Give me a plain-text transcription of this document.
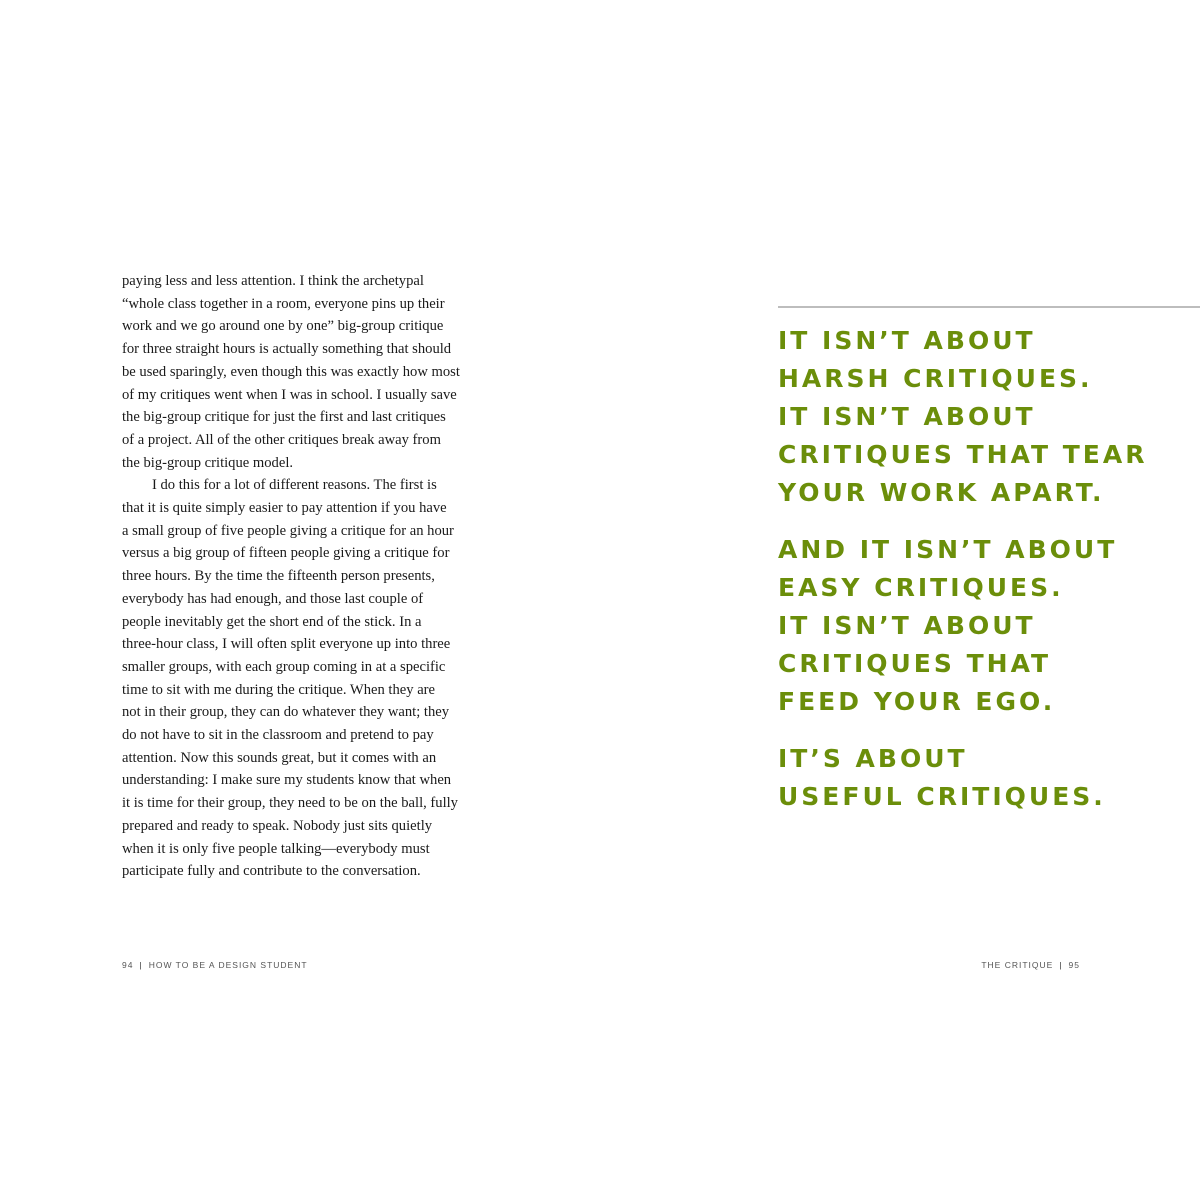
paying less and less attention. I think the archetypal
“whole class together in a room, everyone pins up their
work and we go around one by one” big-group critique
for three straight hours is actually something that should
be used sparingly, even though this was exactly how most
of my critiques went when I was in school. I usually save
the big-group critique for just the first and last critiques
of a project. All of the other critiques break away from
the big-group critique model.
I do this for a lot of different reasons. The first is
that it is quite simply easier to pay attention if you have
a small group of five people giving a critique for an hour
versus a big group of fifteen people giving a critique for
three hours. By the time the fifteenth person presents,
everybody has had enough, and those last couple of
people inevitably get the short end of the stick. In a
three-hour class, I will often split everyone up into three
smaller groups, with each group coming in at a specific
time to sit with me during the critique. When they are
not in their group, they can do whatever they want; they
do not have to sit in the classroom and pretend to pay
attention. Now this sounds great, but it comes with an
understanding: I make sure my students know that when
it is time for their group, they need to be on the ball, fully
prepared and ready to speak. Nobody just sits quietly
when it is only five people talking—everybody must
participate fully and contribute to the conversation.
94 | HOW TO BE A DESIGN STUDENT
IT ISN’T ABOUT
HARSH CRITIQUES.
IT ISN’T ABOUT
CRITIQUES THAT TEAR
YOUR WORK APART.
AND IT ISN’T ABOUT
EASY CRITIQUES.
IT ISN’T ABOUT
CRITIQUES THAT
FEED YOUR EGO.
IT’S ABOUT
USEFUL CRITIQUES.
THE CRITIQUE | 95
